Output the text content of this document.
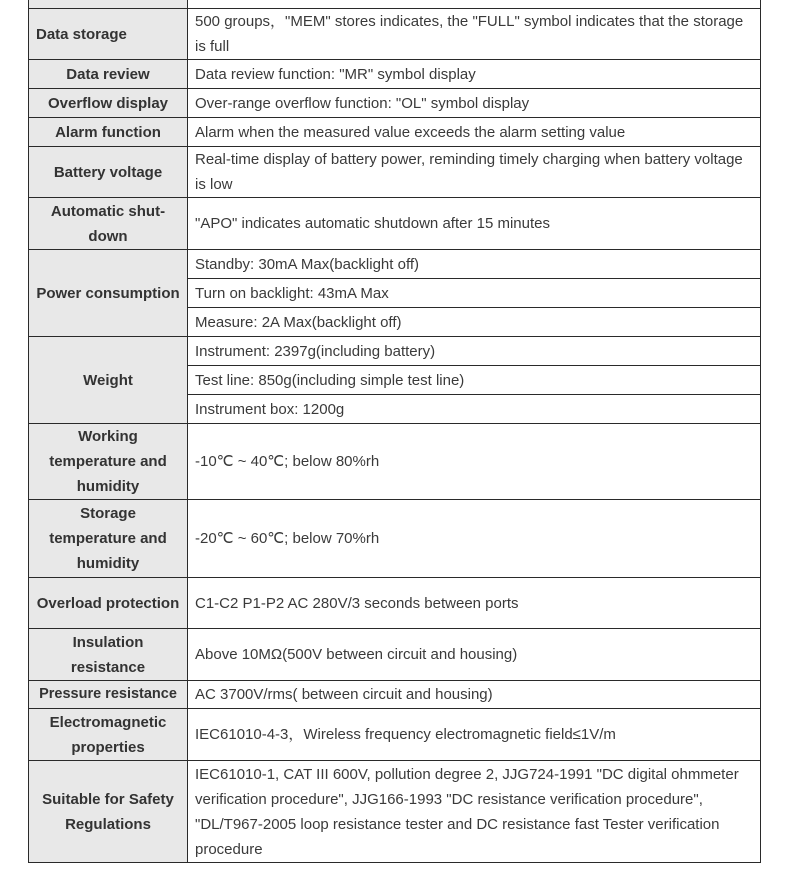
Data storage	500 groups，"MEM" stores indicates, the "FULL" symbol indicates that the storage is full
Data review	Data review function: "MR" symbol display
Overflow display	Over-range overflow function: "OL" symbol display
Alarm function	Alarm when the measured value exceeds the alarm setting value
Battery voltage	Real-time display of battery power, reminding timely charging when battery voltage is low
Automatic shut-down	"APO" indicates automatic shutdown after 15 minutes
Power consumption	Standby: 30mA Max(backlight off)
	Turn on backlight: 43mA Max
	Measure: 2A Max(backlight off)
Weight	Instrument: 2397g(including battery)
	Test line: 850g(including simple test line)
	Instrument box: 1200g
Working temperature and humidity	-10℃ ~ 40℃; below 80%rh
Storage temperature and humidity	-20℃ ~ 60℃; below 70%rh
Overload protection	C1-C2 P1-P2 AC 280V/3 seconds between ports
Insulation resistance	Above 10MΩ(500V between circuit and housing)
Pressure resistance	AC 3700V/rms( between circuit and housing)
Electromagnetic properties	IEC61010-4-3，Wireless frequency electromagnetic field≤1V/m
Suitable for Safety Regulations	IEC61010-1, CAT III 600V, pollution degree 2, JJG724-1991 "DC digital ohmmeter verification procedure", JJG166-1993 "DC resistance verification procedure", "DL/T967-2005 loop resistance tester and DC resistance fast Tester verification procedure
